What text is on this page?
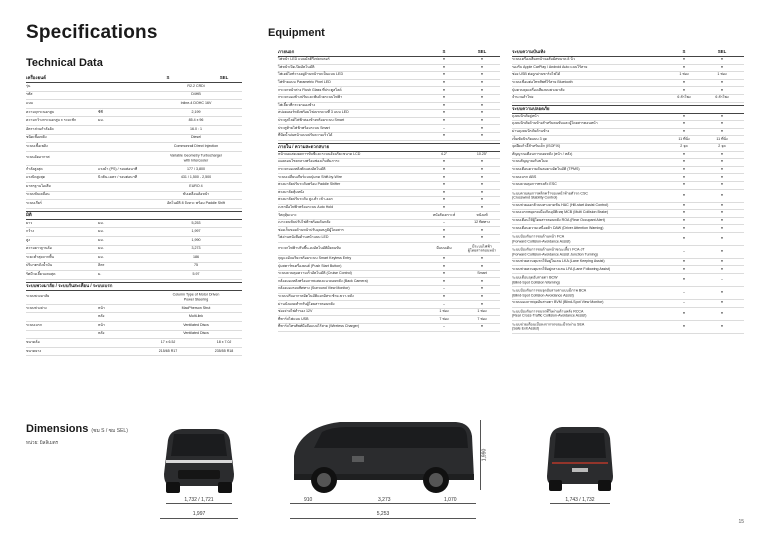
Specifications	Equipment
Technical Data
เครื่องยนต์	S	SEL
รุ่น	R2.2 CRDi
รหัส	D4HB
แบบ	Inline-4 DOHC 16V
ความจุกระบอกสูบ	ซีซี	2,199
ความกว้างกระบอกสูบ x ระยะชัก	มม.	85.4 x 96
อัตราส่วนกำลังอัด	16.0 : 1
ชนิดเชื้อเพลิง	Diesel
ระบบเชื้อเพลิง	Commonrail Direct Injection
ระบบอัดอากาศ	Variable Geometry Turbocharger
with Intercooler
กำลังสูงสุด	แรงม้า (PS) / รอบต่อนาที	177 / 3,800
แรงบิดสูงสุด	นิวตัน-เมตร / รอบต่อนาที	431 / 1,500 - 2,500
มาตรฐานไอเสีย	EURO 4
ระบบขับเคลื่อน	ขับเคลื่อนล้อหน้า
ระบบเกียร์	อัตโนมัติ 8 จังหวะ พร้อม Paddle Shift
มิติ
ยาว	มม.	5,253
กว้าง	มม.	1,997
สูง	มม.	1,990
ความยาวฐานล้อ	มม.	3,273
ระยะต่ำสุดจากพื้น	มม.	186
ปริมาตรถังน้ำมัน	ลิตร	75
รัศมีวงเลี้ยวแคบสุด	ม.	5.97
ระบบพวงมาลัย / ระบบกันสะเทือน / ระบบเบรก
ระบบพวงมาลัย	Column Type of Motor Driven
Power Steering
ระบบช่วงล่าง	หน้า	MacPherson Strut
หลัง	Multi-link
ระบบเบรก	หน้า	Ventilated Discs
หลัง	Ventilated Discs
ขนาดล้อ	17 x 6.5J	18 x 7.0J
ขนาดยาง	215/65 R17	235/55 R18
ภายนอก	S	SEL
ไฟหน้า LED แบบมัลติรีเฟลกเตอร์	●	●
ไฟหน้าเปิด-ปิดอัตโนมัติ	●	●
ไฟเดย์ไลท์วางอยู่ด้านหน้ารถเป็นแบบ LED	●	●
ไฟท้ายแบบ Parametric Pixel LED	●	●
กระจกหน้าต่าง Flush Glass ที่ประตูสไลด์	●	●
กระจกมองข้างปรับและพับด้วยระบบไฟฟ้า	●	●
ไฟเลี้ยวที่กระจกมองข้าง	●	●
สปอยเลอร์หลังพร้อมไฟเบรกดวงที่ 3 แบบ LED	●	●
ประตูสไลด์ไฟฟ้าสองข้างพร้อมระบบ Smart	●	●
ประตูท้ายไฟฟ้าพร้อมระบบ Smart	–	●
ที่ปัดน้ำฝนหน้าแบบปรับความเร็วได้	●	●
ภายใน / ความสะดวกสบาย
หน้าจอแสดงผลการขับขี่และระบบอัจฉริยะขนาด LCD	4.2"	10.25"
แผงคอนโซลกลางพร้อมช่องเก็บสัมภาระ	●	●
กระจกมองหลังตัดแสงอัตโนมัติ	●	●
ระบบเปลี่ยนเกียร์แบบปุ่มกด Shift-by-Wire	●	●
พวงมาลัยปรับระดับพร้อม Paddle Shifter	●	●
พวงมาลัยหุ้มหนัง	●	●
พวงมาลัยปรับระดับ สูง-ต่ำ เข้า-ออก	●	●
เบรกมือไฟฟ้าพร้อมระบบ Auto Hold	●	●
วัสดุหุ้มเบาะ	หนังสังเคราะห์	หนังแท้
เบาะคนขับปรับไฟฟ้าพร้อมดันหลัง	–	12 ทิศทาง
ช่องเก็บของด้านหน้าปรับอุณหภูมิผู้โดยสาร	●	●
ไฟอ่านหนังสือด้านหน้าแบบ LED	●	●
กระจกไฟฟ้าปรับขึ้น-ลงอัตโนมัติฝั่งคนขับ	มีแบบเดิม	มีระบบไฟฟ้า
ผู้โดยสารตอนหน้า
กุญแจอัจฉริยะพร้อมระบบ Smart Keyless Entry	●	●
ปุ่มสตาร์ทเครื่องยนต์ (Push Start Button)	●	●
ระบบควบคุมความเร็วอัตโนมัติ (Cruise Control)	●	Smart
กล้องมองหลังพร้อมภาพแสดงแนวถอยหลัง (Back Camera)	●	●
กล้องมองรอบทิศทาง (Surround View Monitor)	–	●
ระบบปรับอากาศอัตโนมัติแยกอิสระซ้าย-ขวา-หลัง	●	●
ม่านบังแดดสำหรับผู้โดยสารตอนหลัง	–	●
ช่องจ่ายไฟสำรอง 12V	1 ช่อง	1 ช่อง
ที่ชาร์จไฟแบบ USB	7 ช่อง	7 ช่อง
ที่ชาร์จโทรศัพท์มือถือแบบไร้สาย (Wireless Charger)	–	●
ระบบความบันเทิง	S	SEL
ระบบเครื่องเสียงหน้าจอสัมผัสขนาด 8 นิ้ว	●	●
รองรับ Apple CarPlay / Android Auto แบบไร้สาย	●	●
ช่อง USB ต่อถูกผ่านชาร์จไฟได้	1 ช่อง	1 ช่อง
ระบบเชื่อมต่อโทรศัพท์ไร้สาย Bluetooth	●	●
ปุ่มควบคุมเครื่องเสียงบนพวงมาลัย	●	●
จำนวนลำโพง	6 ลำโพง	6 ลำโพง
ระบบความปลอดภัย
ถุงลมนิรภัยคู่หน้า	●	●
ถุงลมนิรภัยด้านข้างสำหรับคนขับและผู้โดยสารตอนหน้า	●	●
ม่านถุงลมนิรภัยด้านข้าง	●	●
เข็มขัดนิรภัยแบบ 3 จุด	11 ที่นั่ง	11 ที่นั่ง
จุดยึดเก้าอี้สำหรับเด็ก (ISOFIX)	2 จุด	2 จุด
สัญญาณเตือนการถอยหลัง (หน้า / หลัง)	●	●
ระบบสัญญาณกันขโมย	●	●
ระบบเตือนความดันลมยางอัตโนมัติ (TPMS)	●	●
ระบบเบรก ABS	●	●
ระบบควบคุมการทรงตัว ESC	●	●
ระบบควบคุมการพลิกคว่ำของหน้าท้ายตัวรถ CSC
(Crosswind Stability Control)
●	●
ระบบช่วยออกตัวบนทางลาดชัน HAC (Hill-start Assist Control)	●	●
ระบบเบรกหยุดรถเมื่อเกิดอุบัติเหตุ MCB (Multi Collision Brake)	●	●
ระบบเตือนให้ผู้โดยสารตอนหลัง ROA (Rear Occupant Alert)	●	●
ระบบเตือนความเหนื่อยล้า DAW (Driver Attention Warning)	●	●
ระบบป้องกันการชนด้านหน้า FCA
(Forward Collision-Avoidance Assist)
●	●
ระบบป้องกันการชนด้านหน้าขณะเลี้ยว FCA-JT
(Forward Collision-Avoidance Assist Junction Turning)
–	●
ระบบช่วยควบคุมรถให้อยู่ในเลน LKA (Lane Keeping Assist)	●	●
ระบบช่วยควบคุมรถให้อยู่กลางเลน LFA (Lane Following Assist)	●	●
ระบบเตือนจุดอับสายตา BCW
(Blind-Spot Collision Warning)
●	–
ระบบป้องกันการชนจุดอับสายตาแบบมีภาพ BCA
(Blind-Spot Collision-Avoidance Assist)
–	●
ระบบมองภาพจุดอับสายตา BVM (Blind-Spot View Monitor)	–	●
ระบบป้องกันการชนรถที่วิ่งผ่านด้านหลัง RCCA
(Rear Cross-Traffic Collision-Avoidance Assist)
●	●
ระบบช่วยเตือนเมื่อลงจากรถขณะมีรถผ่าน SEA
(Safe Exit Assist)
●	●
Dimensions (ซม S / ซม SEL)
หน่วย: มิลลิเมตร
1,732 / 1,721
1,997
1,990
910	3,273	1,070
5,253
1,743 / 1,732
15
